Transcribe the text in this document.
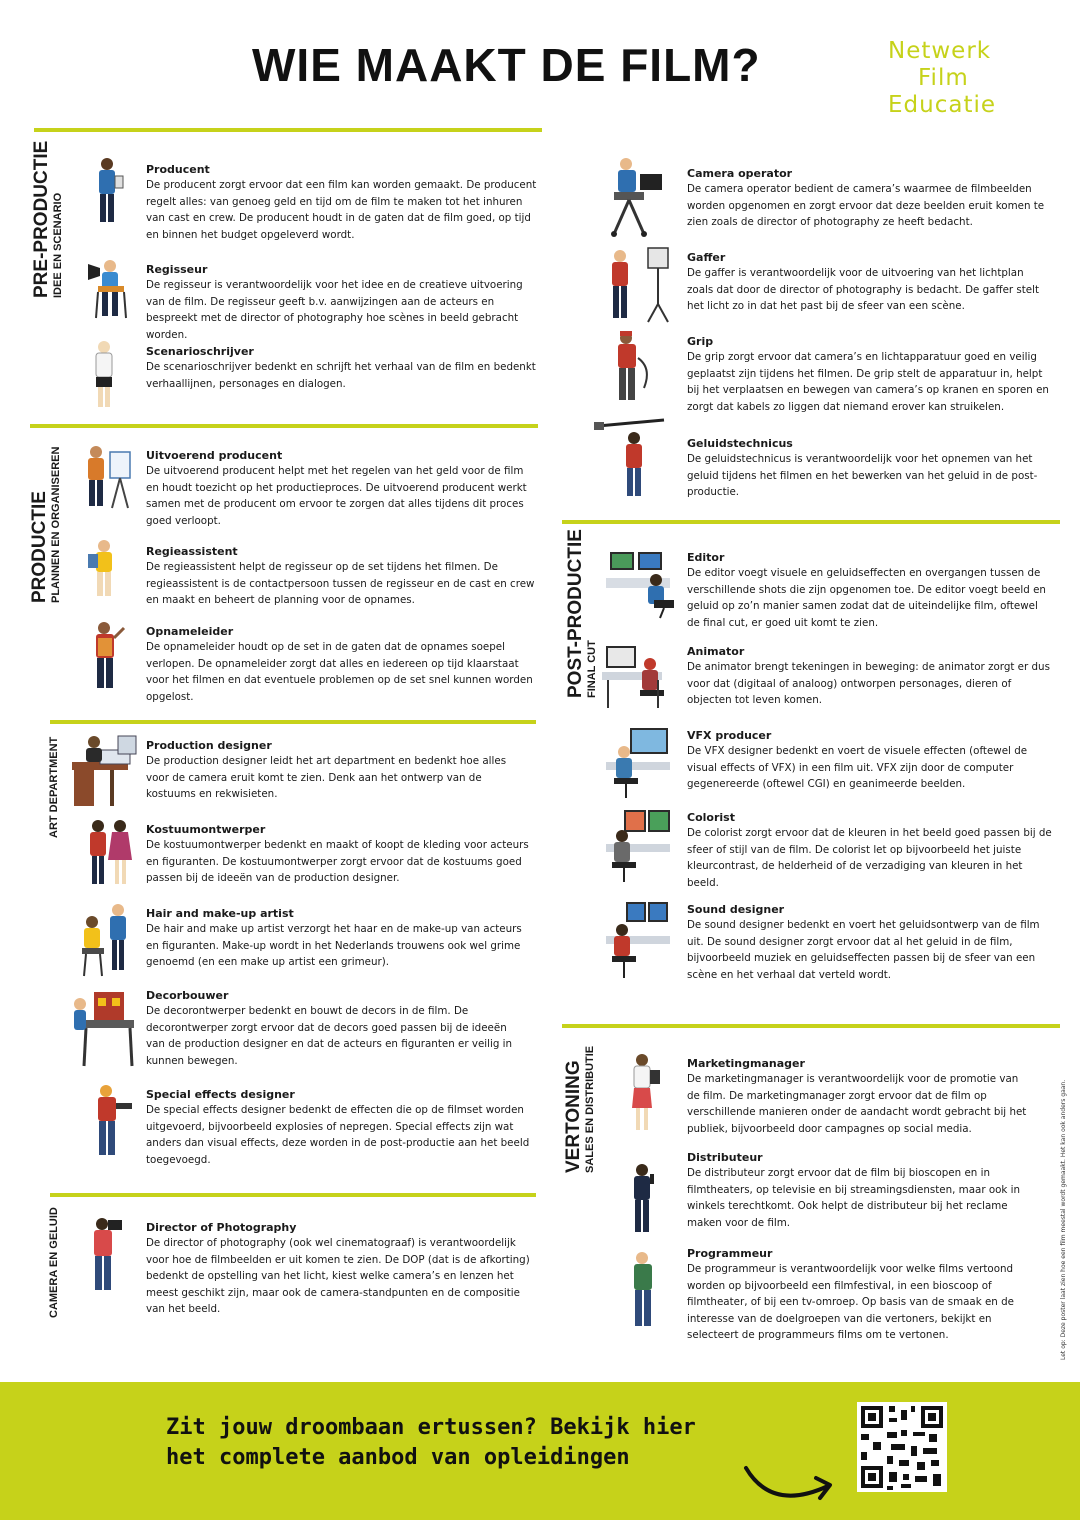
WIE MAAKT DE FILM?	Netwerk
Film
Educatie
PRE-PRODUCTIE IDEE EN SCENARIO
PRODUCTIE PLANNEN EN ORGANISEREN
ART DEPARTMENT
CAMERA EN GELUID
POST-PRODUCTIE FINAL CUT
VERTONING SALES EN DISTRIBUTIE
Producent

De producent zorgt ervoor dat een film kan worden gemaakt. De producent regelt alles: van genoeg geld en tijd om de film te maken tot het inhuren van cast en crew. De producent houdt in de gaten dat de film goed, op tijd en binnen het budget opgeleverd wordt.

Regisseur

De regisseur is verantwoordelijk voor het idee en de creatieve uitvoering van de film. De regisseur geeft b.v. aanwijzingen aan de acteurs en bespreekt met de director of photography hoe scènes in beeld gebracht worden.

Scenarioschrijver

De scenarioschrijver bedenkt en schrijft het verhaal van de film en bedenkt verhaallijnen, personages en dialogen.

Uitvoerend producent

De uitvoerend producent helpt met het regelen van het geld voor de film en houdt toezicht op het productieproces. De uitvoerend producent werkt samen met de producent om ervoor te zorgen dat alles tijdens dit proces goed verloopt.

Regieassistent

De regieassistent helpt de regisseur op de set tijdens het filmen. De regieassistent is de contactpersoon tussen de regisseur en de cast en crew en maakt en beheert de planning voor de opnames.

Opnameleider

De opnameleider houdt op de set in de gaten dat de opnames soepel verlopen. De opnameleider zorgt dat alles en iedereen op tijd klaarstaat voor het filmen en dat eventuele problemen op de set snel kunnen worden opgelost.

Production designer

De production designer leidt het art department en bedenkt hoe alles voor de camera eruit komt te zien. Denk aan het ontwerp van de kostuums en rekwisieten.

Kostuumontwerper

De kostuumontwerper bedenkt en maakt of koopt de kleding voor acteurs en figuranten. De kostuumontwerper zorgt ervoor dat de kostuums goed passen bij de ideeën van de production designer.

Hair and make-up artist

De hair and make up artist verzorgt het haar en de make-up van acteurs en figuranten. Make-up wordt in het Nederlands trouwens ook wel grime genoemd (en een make up artist een grimeur).

Decorbouwer

De decorontwerper bedenkt en bouwt de decors in de film. De decorontwerper zorgt ervoor dat de decors goed passen bij de ideeën van de production designer en dat de acteurs en figuranten er veilig in kunnen bewegen.

Special effects designer

De special effects designer bedenkt de effecten die op de filmset worden uitgevoerd, bijvoorbeeld explosies of nepregen. Special effects zijn wat anders dan visual effects, deze worden in de post-productie aan het beeld toegevoegd.

Director of Photography

De director of photography (ook wel cinematograaf) is verantwoordelijk voor hoe de filmbeelden er uit komen te zien. De DOP (dat is de afkorting) bedenkt de opstelling van het licht, kiest welke camera’s en lenzen het meest geschikt zijn, maar ook de camera-standpunten en de compositie van het beeld.

Camera operator

De camera operator bedient de camera’s waarmee de filmbeelden worden opgenomen en zorgt ervoor dat deze beelden eruit komen te zien zoals de director of photography ze heeft bedacht.

Gaffer

De gaffer is verantwoordelijk voor de uitvoering van het lichtplan zoals dat door de director of photography is bedacht. De gaffer stelt het licht zo in dat het past bij de sfeer van een scène.

Grip

De grip zorgt ervoor dat camera’s en lichtapparatuur goed en veilig geplaatst zijn tijdens het filmen. De grip stelt de apparatuur in, helpt bij het verplaatsen en bewegen van camera’s op kranen en sporen en zorgt dat kabels zo liggen dat niemand erover kan struikelen.

Geluidstechnicus

De geluidstechnicus is verantwoordelijk voor het opnemen van het geluid tijdens het filmen en het bewerken van het geluid in de post-productie.

Editor

De editor voegt visuele en geluidseffecten en overgangen tussen de verschillende shots die zijn opgenomen toe. De editor voegt beeld en geluid op zo’n manier samen zodat dat de uiteindelijke film, oftewel de final cut, er goed uit komt te zien.

Animator

De animator brengt tekeningen in beweging: de animator zorgt er dus voor dat (digitaal of analoog) ontworpen personages, dieren of objecten tot leven komen.

VFX producer

De VFX designer bedenkt en voert de visuele effecten (oftewel de visual effects of VFX) in een film uit. VFX zijn door de computer gegenereerde (oftewel CGI) en geanimeerde beelden.

Colorist

De colorist zorgt ervoor dat de kleuren in het beeld goed passen bij de sfeer of stijl van de film. De colorist let op bijvoorbeeld het juiste kleurcontrast, de helderheid of de verzadiging van kleuren in het beeld.

Sound designer

De sound designer bedenkt en voert het geluidsontwerp van de film uit. De sound designer zorgt ervoor dat al het geluid in de film, bijvoorbeeld muziek en geluidseffecten passen bij de sfeer van een scène en het verhaal dat verteld wordt.

Marketingmanager

De marketingmanager is verantwoordelijk voor de promotie van de film. De marketingmanager zorgt ervoor dat de film op verschillende manieren onder de aandacht wordt gebracht bij het publiek, bijvoorbeeld door campagnes op social media.

Distributeur

De distributeur zorgt ervoor dat de film bij bioscopen en in filmtheaters, op televisie en bij streamingsdiensten, maar ook in winkels terechtkomt. Ook helpt de distributeur bij het reclame maken voor de film.

Programmeur

De programmeur is verantwoordelijk voor welke films vertoond worden op bijvoorbeeld een filmfestival, in een bioscoop of filmtheater, of bij een tv-omroep. Op basis van de smaak en de interesse van de doelgroepen van die vertoners, bekijkt en selecteert de programmeurs films om te vertonen.	Let op: Deze poster laat zien hoe een film meestal wordt gemaakt. Het kan ook anders gaan.
Zit jouw droombaan ertussen? Bekijk hier
het complete aanbod van opleidingen
